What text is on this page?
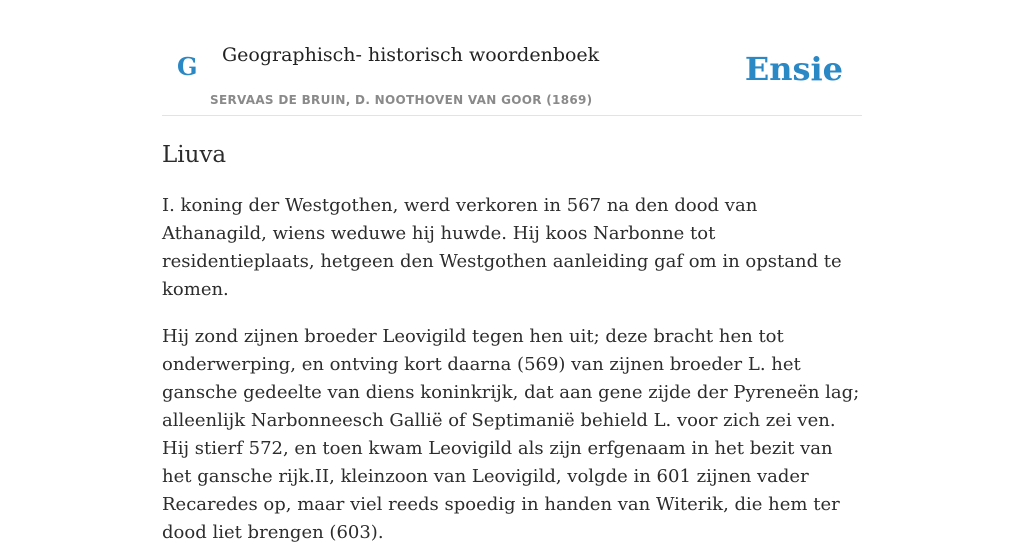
G Geographisch- historisch woordenboek	Ensie
SERVAAS DE BRUIN, D. NOOTHOVEN VAN GOOR (1869)
Liuva

I. koning der Westgothen, werd verkoren in 567 na den dood van Athanagild, wiens weduwe hij huwde. Hij koos Narbonne tot residentieplaats, hetgeen den Westgothen aanleiding gaf om in opstand te komen.

Hij zond zijnen broeder Leovigild tegen hen uit; deze bracht hen tot onderwerping, en ontving kort daarna (569) van zijnen broeder L. het gansche gedeelte van diens koninkrijk, dat aan gene zijde der Pyreneën lag; alleenlijk Narbonneesch Gallië of Septimanië behield L. voor zich zei ven. Hij stierf 572, en toen kwam Leovigild als zijn erfgenaam in het bezit van het gansche rijk.II, kleinzoon van Leovigild, volgde in 601 zijnen vader Recaredes op, maar viel reeds spoedig in handen van Witerik, die hem ter dood liet brengen (603).
